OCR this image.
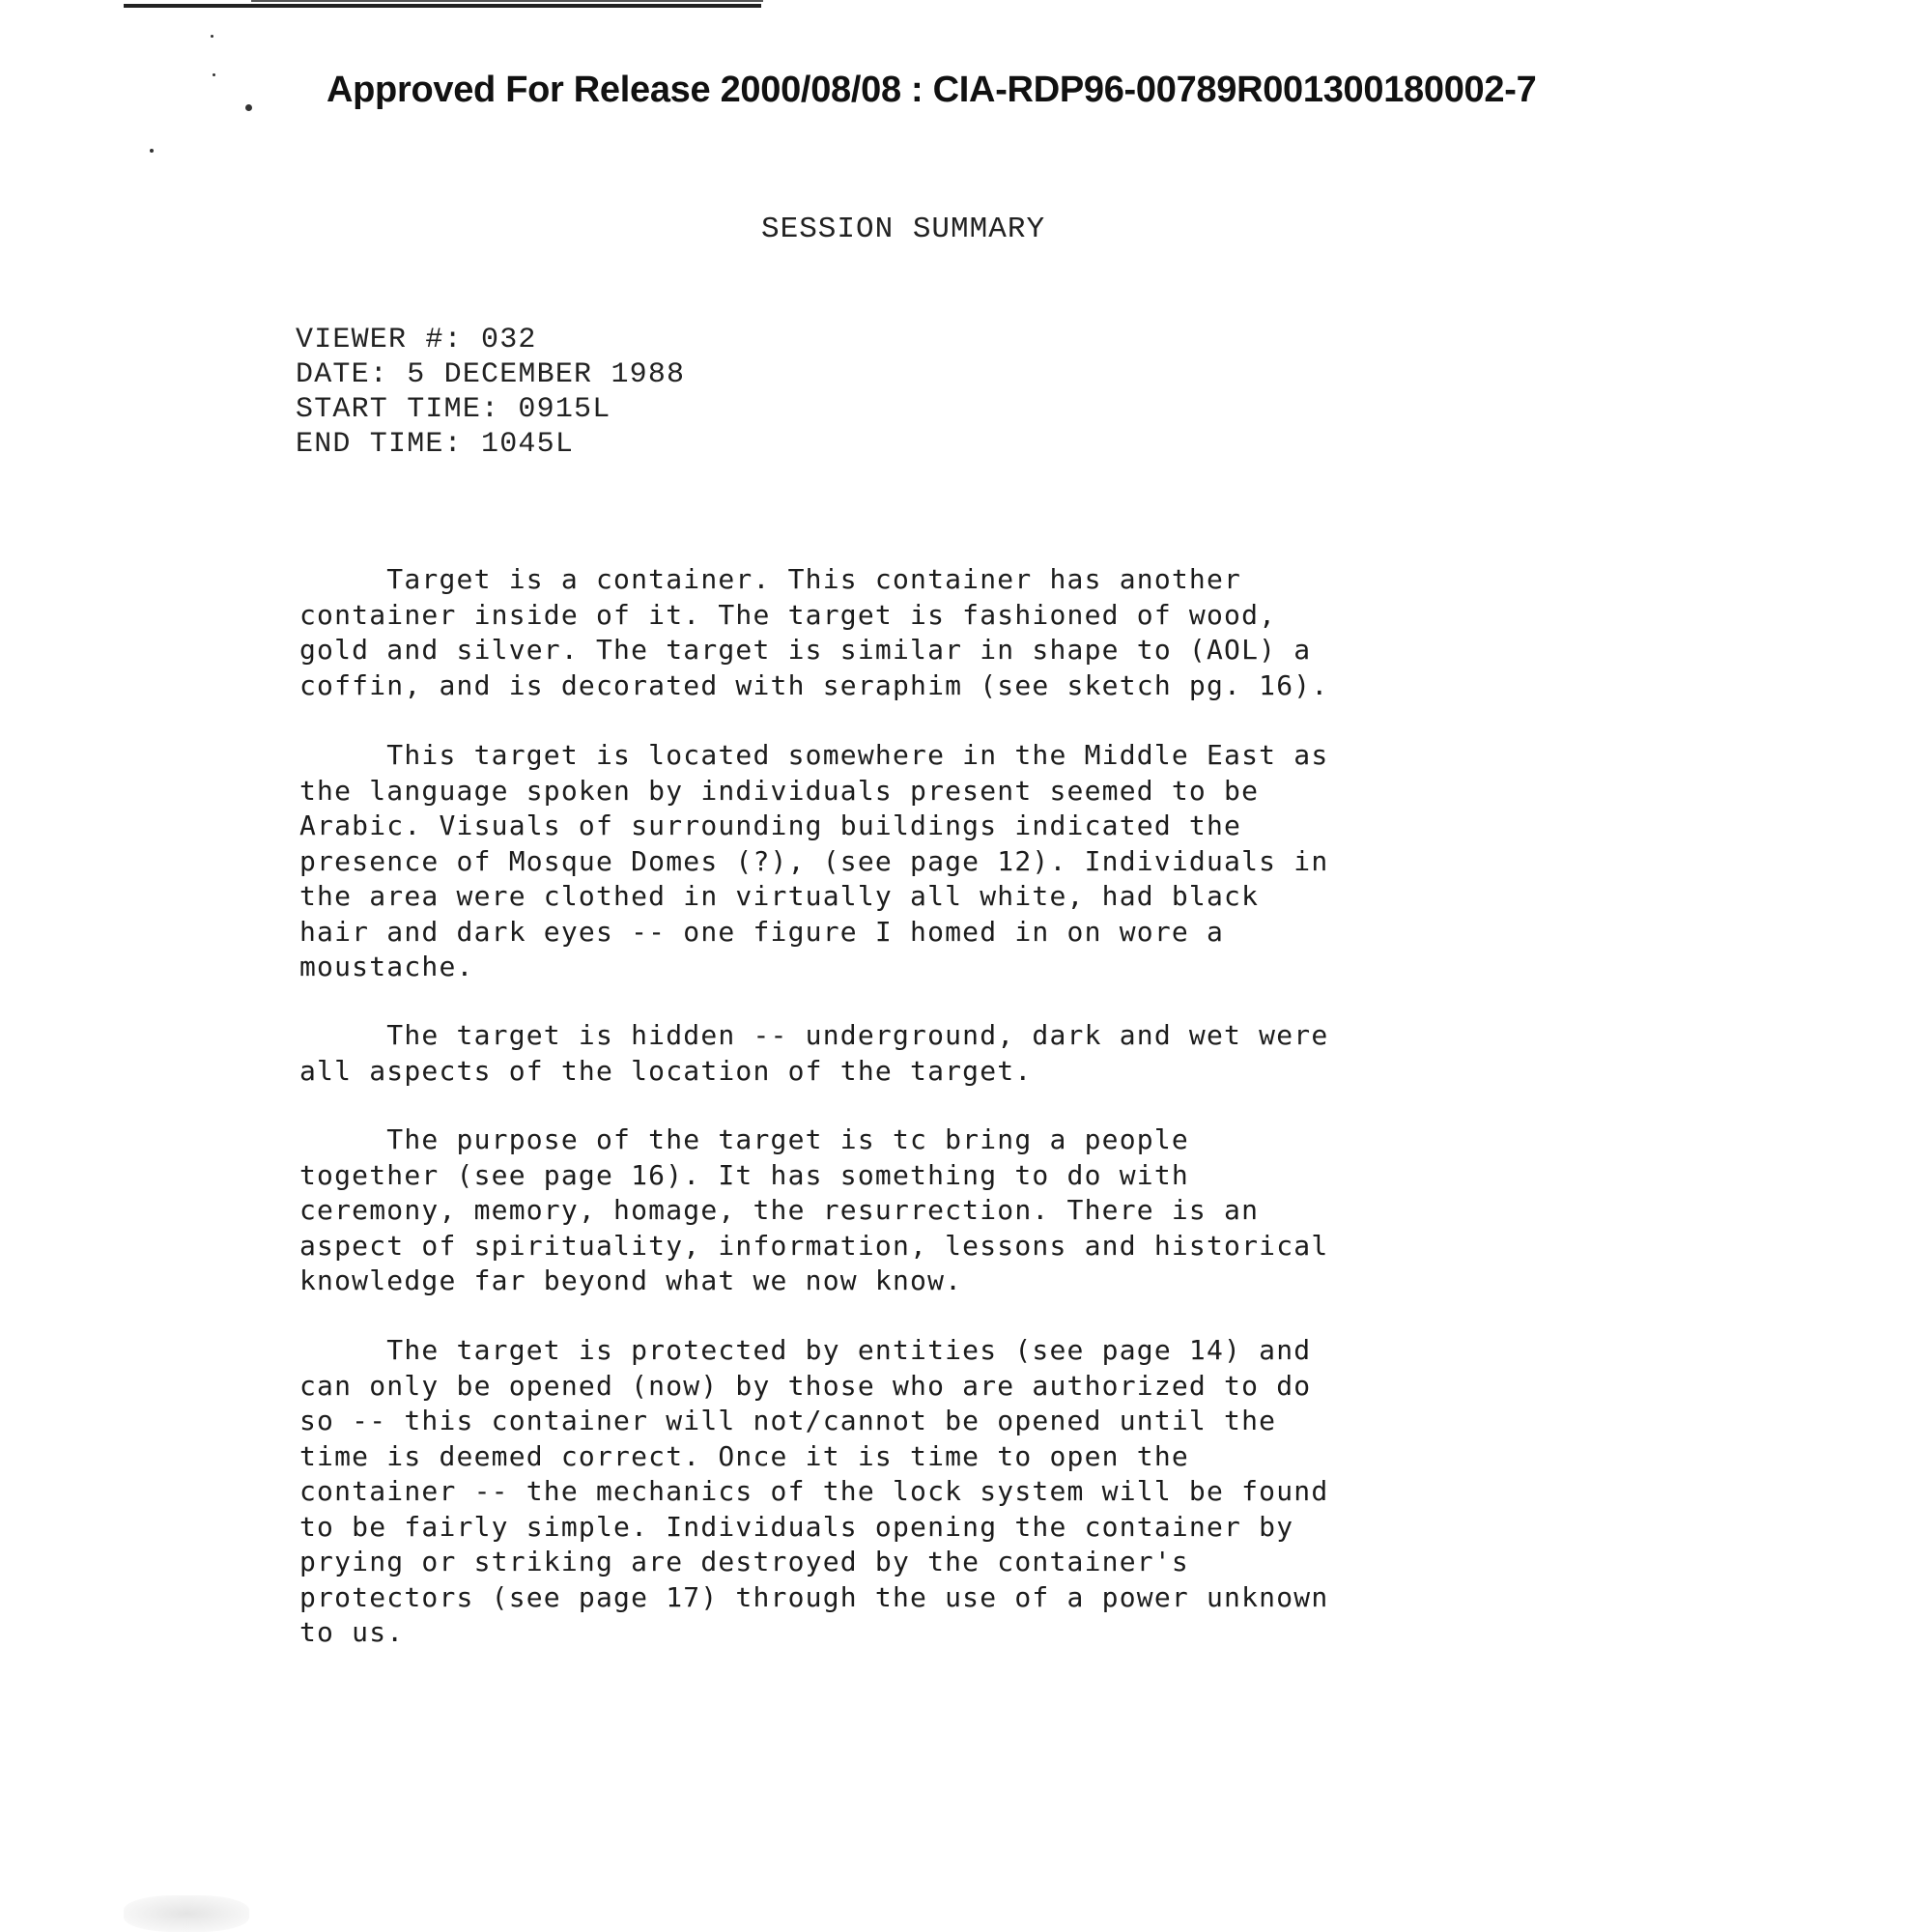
Approved For Release 2000/08/08 : CIA-RDP96-00789R001300180002-7
SESSION SUMMARY
VIEWER #: 032
DATE: 5 DECEMBER 1988
START TIME: 0915L
END TIME: 1045L
Target is a container. This container has another
container inside of it. The target is fashioned of wood,
gold and silver. The target is similar in shape to (AOL) a
coffin, and is decorated with seraphim (see sketch pg. 16).
This target is located somewhere in the Middle East as
the language spoken by individuals present seemed to be
Arabic. Visuals of surrounding buildings indicated the
presence of Mosque Domes (?), (see page 12). Individuals in
the area were clothed in virtually all white, had black
hair and dark eyes -- one figure I homed in on wore a
moustache.
The target is hidden -- underground, dark and wet were
all aspects of the location of the target.
The purpose of the target is tc bring a people
together (see page 16). It has something to do with
ceremony, memory, homage, the resurrection. There is an
aspect of spirituality, information, lessons and historical
knowledge far beyond what we now know.
The target is protected by entities (see page 14) and
can only be opened (now) by those who are authorized to do
so -- this container will not/cannot be opened until the
time is deemed correct. Once it is time to open the
container -- the mechanics of the lock system will be found
to be fairly simple. Individuals opening the container by
prying or striking are destroyed by the container's
protectors (see page 17) through the use of a power unknown
to us.
